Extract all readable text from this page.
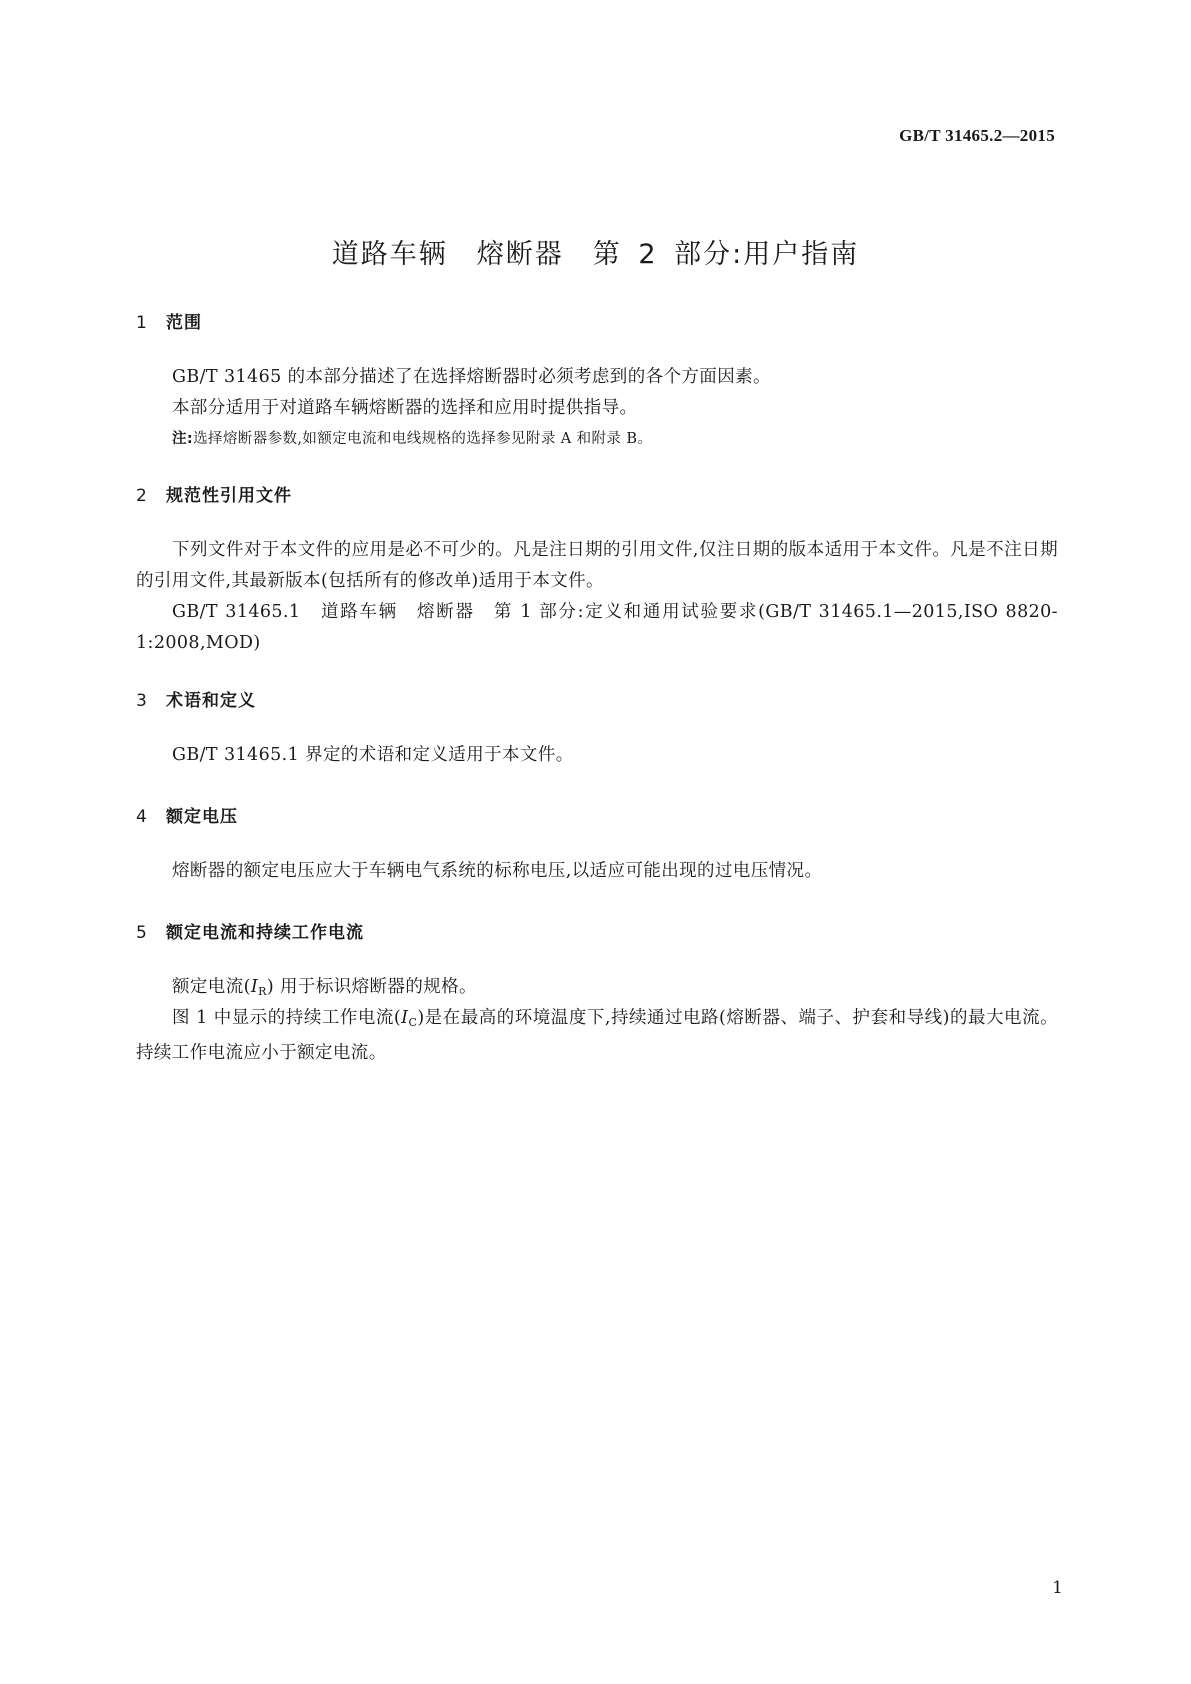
GB/T 31465.2—2015
道路车辆　熔断器　第 2 部分:用户指南
1 范围
GB/T 31465 的本部分描述了在选择熔断器时必须考虑到的各个方面因素。
本部分适用于对道路车辆熔断器的选择和应用时提供指导。
注:选择熔断器参数,如额定电流和电线规格的选择参见附录 A 和附录 B。
2 规范性引用文件
下列文件对于本文件的应用是必不可少的。凡是注日期的引用文件,仅注日期的版本适用于本文件。凡是不注日期的引用文件,其最新版本(包括所有的修改单)适用于本文件。
GB/T 31465.1　道路车辆　熔断器　第 1 部分:定义和通用试验要求(GB/T 31465.1—2015,ISO 8820-1:2008,MOD)
3 术语和定义
GB/T 31465.1 界定的术语和定义适用于本文件。
4 额定电压
熔断器的额定电压应大于车辆电气系统的标称电压,以适应可能出现的过电压情况。
5 额定电流和持续工作电流
额定电流$(I_R)$ 用于标识熔断器的规格。
图 1 中显示的持续工作电流$(I_C)$是在最高的环境温度下,持续通过电路(熔断器、端子、护套和导线)的最大电流。持续工作电流应小于额定电流。
1
